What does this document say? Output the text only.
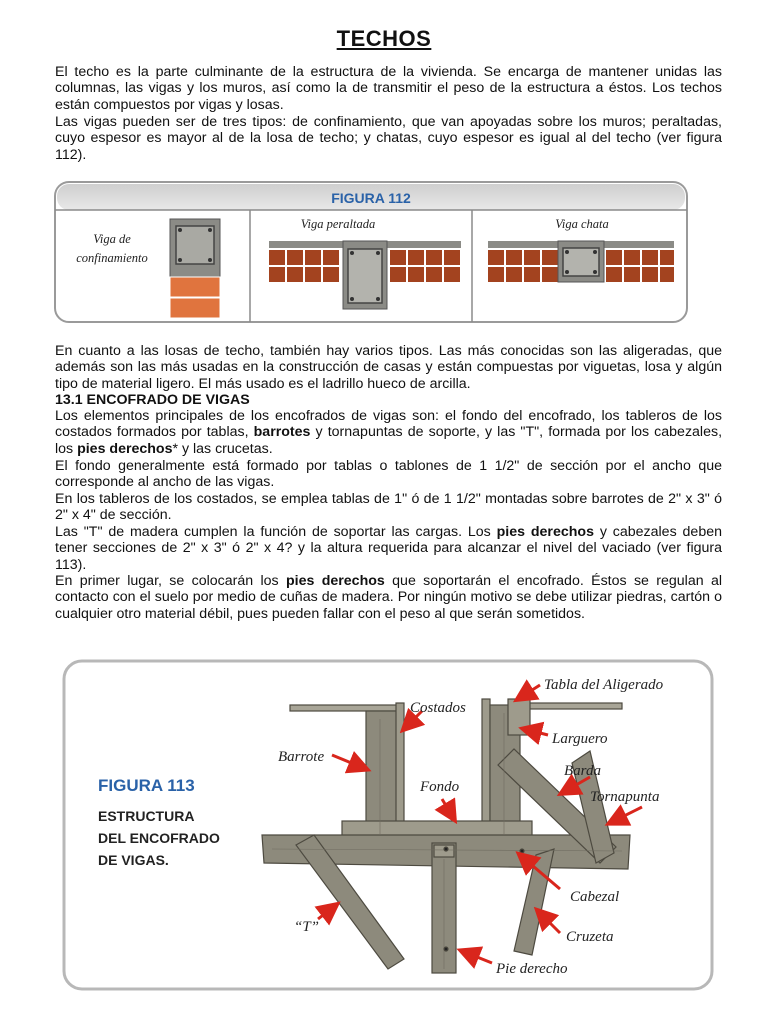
TECHOS

El techo es la parte culminante de la estructura de la vivienda. Se encarga de mantener unidas las columnas, las vigas y los muros, así como la de transmitir el peso de la estructura a éstos. Los techos están compuestos por vigas y losas.

Las vigas pueden ser de tres tipos: de confinamiento, que van apoyadas sobre los muros; peraltadas, cuyo espesor es mayor al de la losa de techo; y chatas, cuyo espesor es igual al del techo (ver figura 112).

FIGURA 112
Viga de
confinamiento
Viga peraltada	Viga chata

En cuanto a las losas de techo, también hay varios tipos. Las más conocidas son las aligeradas, que además son las más usadas en la construcción de casas y están compuestas por viguetas, losa y algún tipo de material ligero. El más usado es el ladrillo hueco de arcilla.

13.1 ENCOFRADO DE VIGAS

Los elementos principales de los encofrados de vigas son: el fondo del encofrado, los tableros de los costados formados por tablas, barrotes y tornapuntas de soporte, y las "T", formada por los cabezales, los pies derechos* y las crucetas.

El fondo generalmente está formado por tablas o tablones de 1 1/2" de sección por el ancho que corresponde al ancho de las vigas.

En los tableros de los costados, se emplea tablas de 1" ó de 1 1/2" montadas sobre barrotes de 2" x 3" ó 2" x 4" de sección.

Las "T" de madera cumplen la función de soportar las cargas. Los pies derechos y cabezales deben tener secciones de 2" x 3" ó 2" x 4? y la altura requerida para alcanzar el nivel del vaciado (ver figura 113).

En primer lugar, se colocarán los pies derechos que soportarán el encofrado. Éstos se regulan al contacto con el suelo por medio de cuñas de madera. Por ningún motivo se debe utilizar piedras, cartón o cualquier otro material débil, pues pueden fallar con el peso al que serán sometidos.

FIGURA 113
ESTRUCTURA
DEL ENCOFRADO
DE VIGAS.
Costados
Tabla del Aligerado
Barrote
Larguero
Fondo
Barda
Tornapunta
Cabezal
“T”
Cruzeta
Pie derecho
